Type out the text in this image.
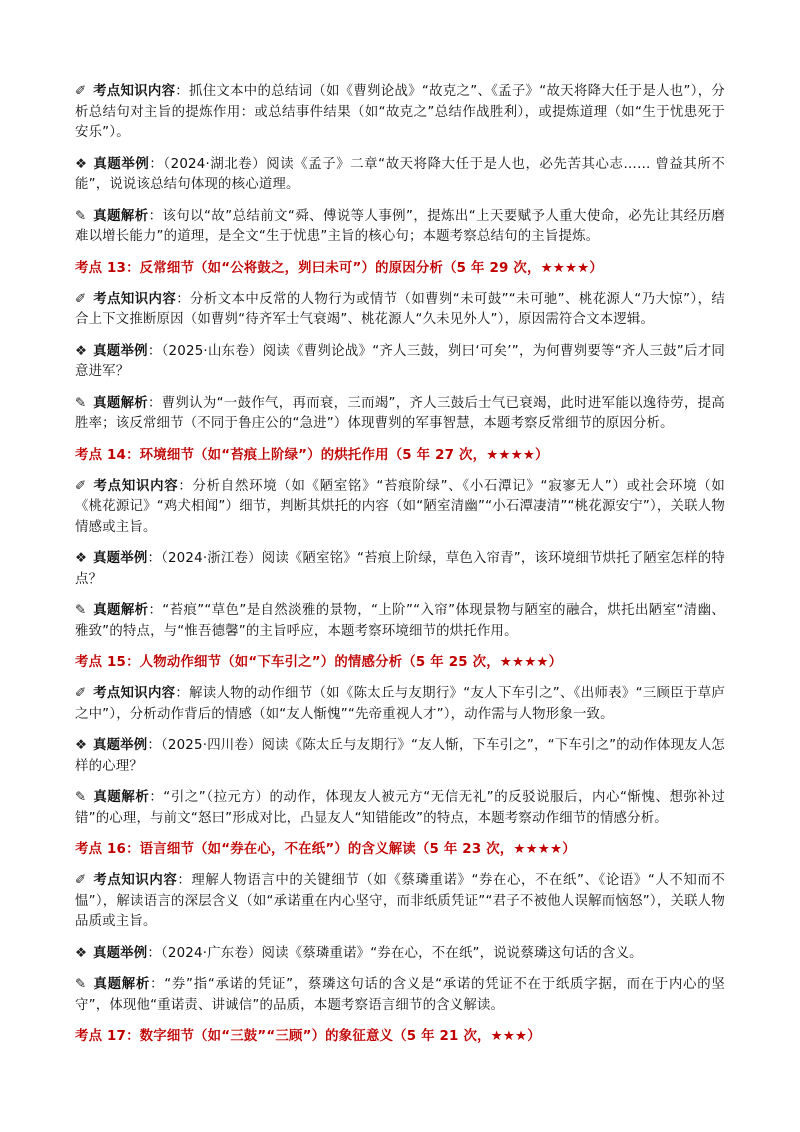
✐ 考点知识内容：抓住文本中的总结词（如《曹刿论战》“故克之”、《孟子》“故天将降大任于是人也”），分析总结句对主旨的提炼作用：或总结事件结果（如“故克之”总结作战胜利），或提炼道理（如“生于忧患死于安乐”）。

❖ 真题举例：（2024·湖北卷）阅读《孟子》二章“故天将降大任于是人也，必先苦其心志…… 曾益其所不能”，说说该总结句体现的核心道理。

✎ 真题解析：该句以“故”总结前文“舜、傅说等人事例”，提炼出“上天要赋予人重大使命，必先让其经历磨难以增长能力”的道理，是全文“生于忧患”主旨的核心句；本题考察总结句的主旨提炼。

考点 13：反常细节（如“公将鼓之，刿曰未可”）的原因分析（5 年 29 次，★★★★）

✐ 考点知识内容：分析文本中反常的人物行为或情节（如曹刿“未可鼓”“未可驰”、桃花源人“乃大惊”），结合上下文推断原因（如曹刿“待齐军士气衰竭”、桃花源人“久未见外人”），原因需符合文本逻辑。

❖ 真题举例：（2025·山东卷）阅读《曹刿论战》“齐人三鼓，刿曰‘可矣’”，为何曹刿要等“齐人三鼓”后才同意进军？

✎ 真题解析：曹刿认为“一鼓作气，再而衰，三而竭”，齐人三鼓后士气已衰竭，此时进军能以逸待劳，提高胜率；该反常细节（不同于鲁庄公的“急进”）体现曹刿的军事智慧，本题考察反常细节的原因分析。

考点 14：环境细节（如“苔痕上阶绿”）的烘托作用（5 年 27 次，★★★★）

✐ 考点知识内容：分析自然环境（如《陋室铭》“苔痕阶绿”、《小石潭记》“寂寥无人”）或社会环境（如《桃花源记》“鸡犬相闻”）细节，判断其烘托的内容（如“陋室清幽”“小石潭凄清”“桃花源安宁”），关联人物情感或主旨。

❖ 真题举例：（2024·浙江卷）阅读《陋室铭》“苔痕上阶绿，草色入帘青”，该环境细节烘托了陋室怎样的特点？

✎ 真题解析：“苔痕”“草色”是自然淡雅的景物，“上阶”“入帘”体现景物与陋室的融合，烘托出陋室“清幽、雅致”的特点，与“惟吾德馨”的主旨呼应，本题考察环境细节的烘托作用。

考点 15：人物动作细节（如“下车引之”）的情感分析（5 年 25 次，★★★★）

✐ 考点知识内容：解读人物的动作细节（如《陈太丘与友期行》“友人下车引之”、《出师表》“三顾臣于草庐之中”），分析动作背后的情感（如“友人惭愧”“先帝重视人才”），动作需与人物形象一致。

❖ 真题举例：（2025·四川卷）阅读《陈太丘与友期行》“友人惭，下车引之”，“下车引之”的动作体现友人怎样的心理？

✎ 真题解析：“引之”（拉元方）的动作，体现友人被元方“无信无礼”的反驳说服后，内心“惭愧、想弥补过错”的心理，与前文“怒曰”形成对比，凸显友人“知错能改”的特点，本题考察动作细节的情感分析。

考点 16：语言细节（如“券在心，不在纸”）的含义解读（5 年 23 次，★★★★）

✐ 考点知识内容：理解人物语言中的关键细节（如《蔡璘重诺》“券在心，不在纸”、《论语》“人不知而不愠”），解读语言的深层含义（如“承诺重在内心坚守，而非纸质凭证”“君子不被他人误解而恼怒”），关联人物品质或主旨。

❖ 真题举例：（2024·广东卷）阅读《蔡璘重诺》“券在心，不在纸”，说说蔡璘这句话的含义。

✎ 真题解析：“券”指“承诺的凭证”，蔡璘这句话的含义是“承诺的凭证不在于纸质字据，而在于内心的坚守”，体现他“重诺责、讲诚信”的品质，本题考察语言细节的含义解读。

考点 17：数字细节（如“三鼓”“三顾”）的象征意义（5 年 21 次，★★★）
